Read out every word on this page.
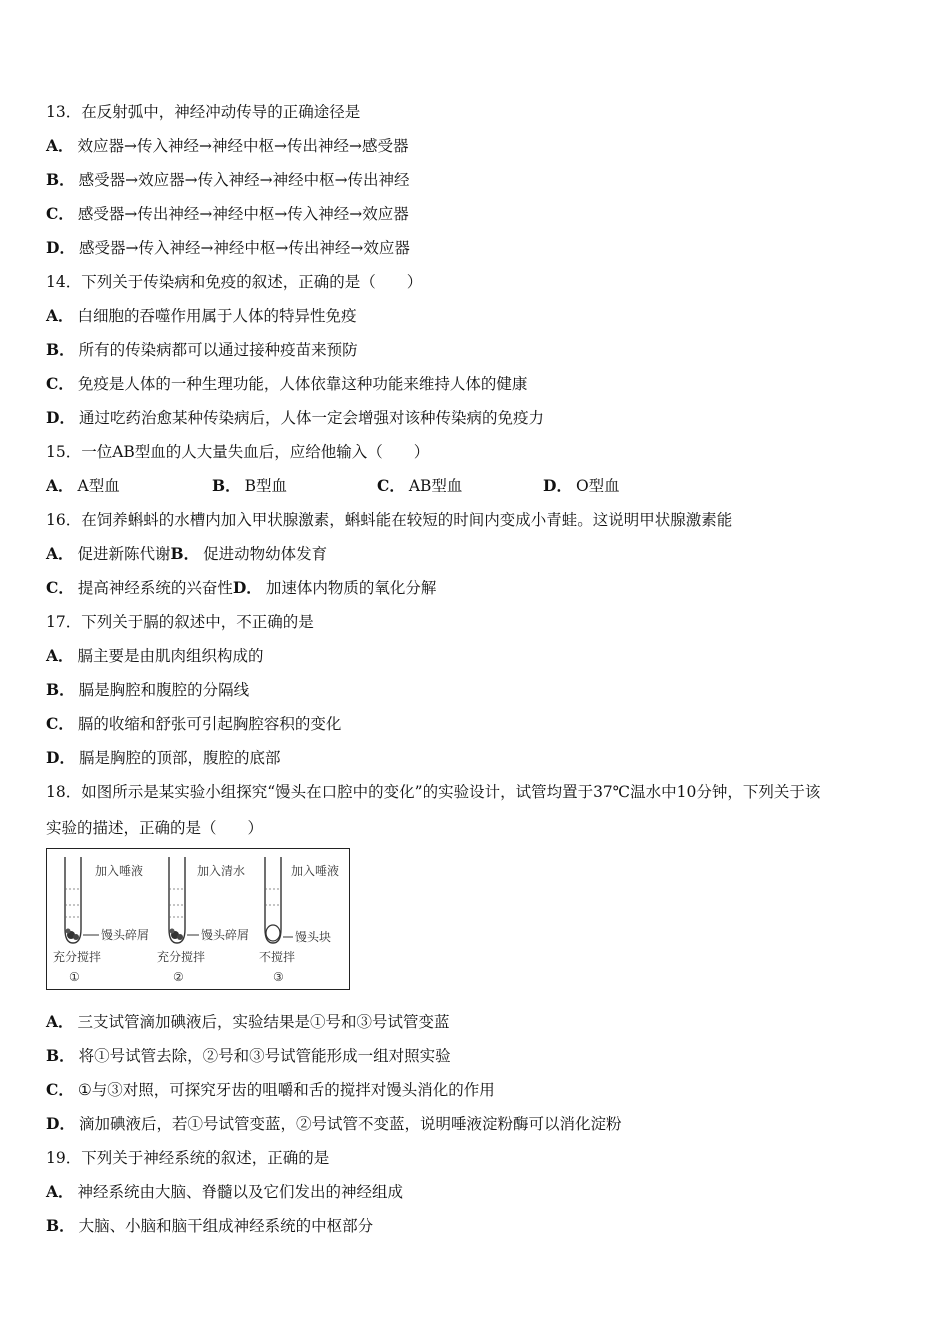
13．在反射弧中，神经冲动传导的正确途径是
A． 效应器→传入神经→神经中枢→传出神经→感受器
B． 感受器→效应器→传入神经→神经中枢→传出神经
C． 感受器→传出神经→神经中枢→传入神经→效应器
D． 感受器→传入神经→神经中枢→传出神经→效应器
14．下列关于传染病和免疫的叙述，正确的是（　　）
A． 白细胞的吞噬作用属于人体的特异性免疫
B． 所有的传染病都可以通过接种疫苗来预防
C． 免疫是人体的一种生理功能，人体依靠这种功能来维持人体的健康
D． 通过吃药治愈某种传染病后，人体一定会增强对该种传染病的免疫力
15．一位AB型血的人大量失血后，应给他输入（　　）
A． A型血	B． B型血	C． AB型血	D． O型血
16．在饲养蝌蚪的水槽内加入甲状腺激素，蝌蚪能在较短的时间内变成小青蛙。这说明甲状腺激素能
A． 促进新陈代谢B． 促进动物幼体发育
C． 提高神经系统的兴奋性D． 加速体内物质的氧化分解
17．下列关于膈的叙述中，不正确的是
A． 膈主要是由肌肉组织构成的
B． 膈是胸腔和腹腔的分隔线
C． 膈的收缩和舒张可引起胸腔容积的变化
D． 膈是胸腔的顶部，腹腔的底部
18．如图所示是某实验小组探究“馒头在口腔中的变化”的实验设计，试管均置于37℃温水中10分钟，下列关于该
实验的描述，正确的是（　　）
加入唾液
馒头碎屑
充分搅拌
①
加入清水
馒头碎屑
充分搅拌
②
加入唾液
馒头块
不搅拌
③
A． 三支试管滴加碘液后，实验结果是①号和③号试管变蓝
B． 将①号试管去除，②号和③号试管能形成一组对照实验
C． ①与③对照，可探究牙齿的咀嚼和舌的搅拌对馒头消化的作用
D． 滴加碘液后，若①号试管变蓝，②号试管不变蓝，说明唾液淀粉酶可以消化淀粉
19．下列关于神经系统的叙述，正确的是
A． 神经系统由大脑、脊髓以及它们发出的神经组成
B． 大脑、小脑和脑干组成神经系统的中枢部分
